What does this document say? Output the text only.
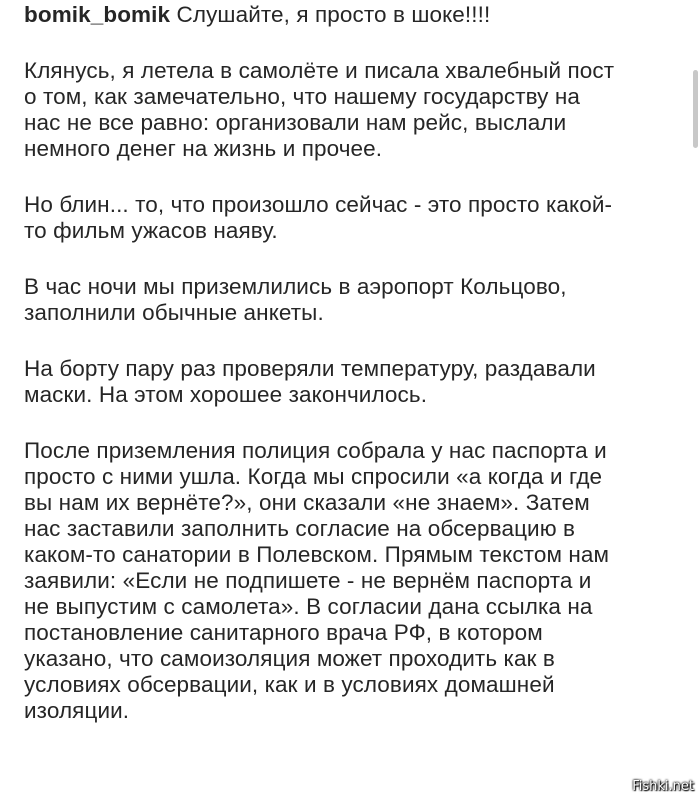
bomik_bomik Слушайте, я просто в шоке!!!!

Клянусь, я летела в самолёте и писала хвалебный пост
о том, как замечательно, что нашему государству на
нас не все равно: организовали нам рейс, выслали
немного денег на жизнь и прочее.

Но блин... то, что произошло сейчас - это просто какой-
то фильм ужасов наяву.

В час ночи мы приземлились в аэропорт Кольцово,
заполнили обычные анкеты.

На борту пару раз проверяли температуру, раздавали
маски. На этом хорошее закончилось.

После приземления полиция собрала у нас паспорта и
просто с ними ушла. Когда мы спросили «а когда и где
вы нам их вернёте?», они сказали «не знаем». Затем
нас заставили заполнить согласие на обсервацию в
каком-то санатории в Полевском. Прямым текстом нам
заявили: «Если не подпишете - не вернём паспорта и
не выпустим с самолета». В согласии дана ссылка на
постановление санитарного врача РФ, в котором
указано, что самоизоляция может проходить как в
условиях обсервации, как и в условиях домашней
изоляции.

Fishki.net
